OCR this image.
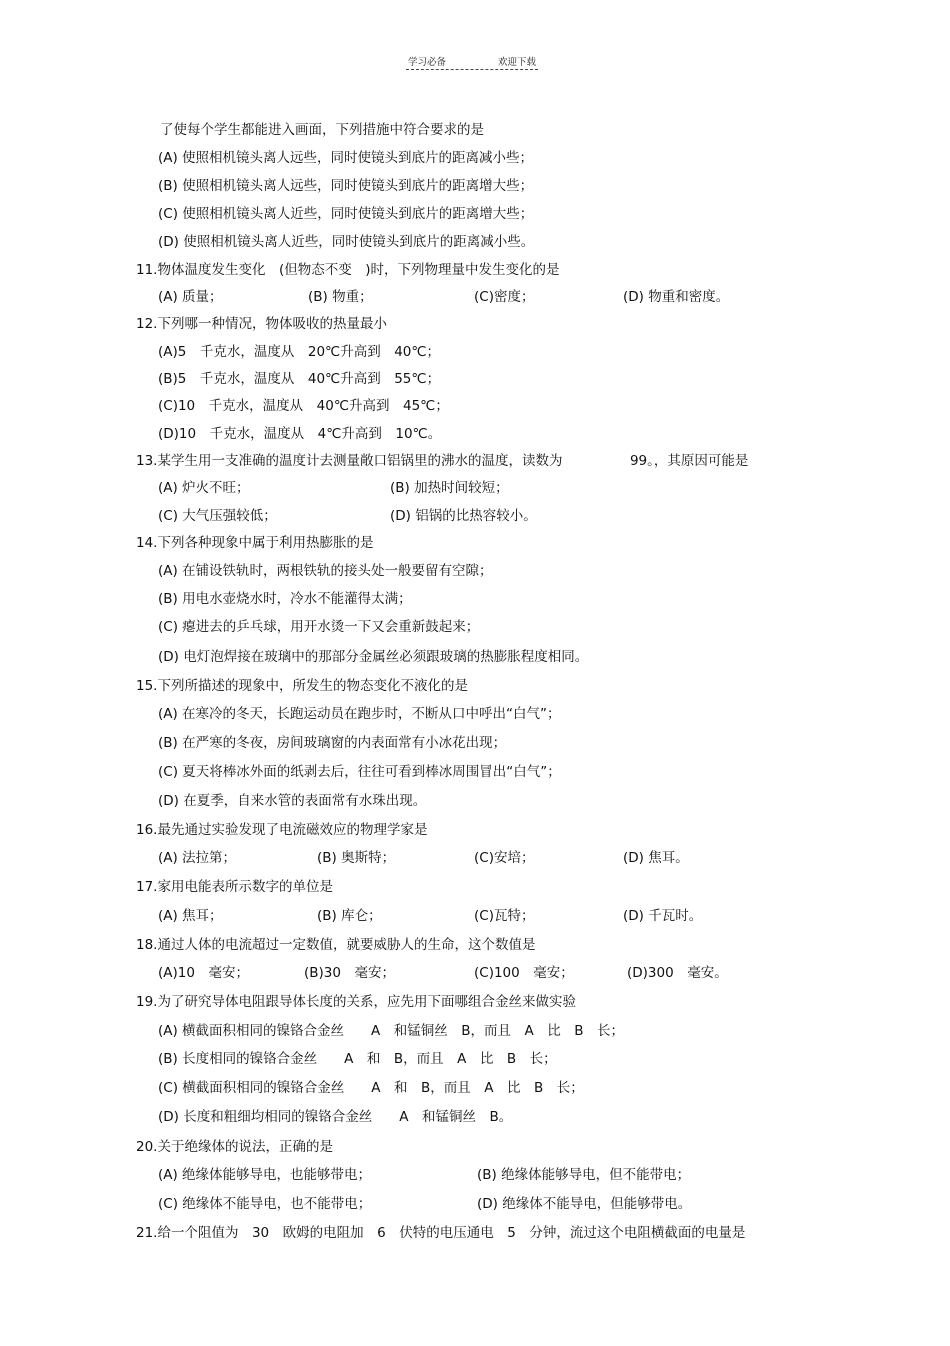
学习必备	欢迎下载
了使每个学生都能进入画面，下列措施中符合要求的是
(A) 使照相机镜头离人远些，同时使镜头到底片的距离减小些；
(B) 使照相机镜头离人远些，同时使镜头到底片的距离增大些；
(C) 使照相机镜头离人近些，同时使镜头到底片的距离增大些；
(D) 使照相机镜头离人近些，同时使镜头到底片的距离减小些。
11.物体温度发生变化　(但物态不变　)时，下列物理量中发生变化的是
(A) 质量；	(B) 物重；	(C)密度；	(D) 物重和密度。
12.下列哪一种情况，物体吸收的热量最小
(A)5　千克水，温度从　20℃升高到　40℃；
(B)5　千克水，温度从　40℃升高到　55℃；
(C)10　千克水，温度从　40℃升高到　45℃；
(D)10　千克水，温度从　4℃升高到　10℃。
13.某学生用一支准确的温度计去测量敞口铝锅里的沸水的温度，读数为　　　　　99。，其原因可能是
(A) 炉火不旺；	(B) 加热时间较短；
(C) 大气压强较低；	(D) 铝锅的比热容较小。
14.下列各种现象中属于利用热膨胀的是
(A) 在铺设铁轨时，两根铁轨的接头处一般要留有空隙；
(B) 用电水壶烧水时，冷水不能灌得太满；
(C) 瘪进去的乒乓球，用开水烫一下又会重新鼓起来；
(D) 电灯泡焊接在玻璃中的那部分金属丝必须跟玻璃的热膨胀程度相同。
15.下列所描述的现象中，所发生的物态变化不液化的是
(A) 在寒冷的冬天，长跑运动员在跑步时，不断从口中呼出“白气”；
(B) 在严寒的冬夜，房间玻璃窗的内表面常有小冰花出现；
(C) 夏天将棒冰外面的纸剥去后，往往可看到棒冰周围冒出“白气”；
(D) 在夏季，自来水管的表面常有水珠出现。
16.最先通过实验发现了电流磁效应的物理学家是
(A) 法拉第；	(B) 奥斯特；	(C)安培；	(D) 焦耳。
17.家用电能表所示数字的单位是
(A) 焦耳；	(B) 库仑；	(C)瓦特；	(D) 千瓦时。
18.通过人体的电流超过一定数值，就要威胁人的生命，这个数值是
(A)10　毫安；	(B)30　毫安；	(C)100　毫安；	(D)300　毫安。
19.为了研究导体电阻跟导体长度的关系，应先用下面哪组合金丝来做实验
(A) 横截面积相同的镍铬合金丝　　A　和锰铜丝　B，而且　A　比　B　长；
(B) 长度相同的镍铬合金丝　　A　和　B，而且　A　比　B　长；
(C) 横截面积相同的镍铬合金丝　　A　和　B，而且　A　比　B　长；
(D) 长度和粗细均相同的镍铬合金丝　　A　和锰铜丝　B。
20.关于绝缘体的说法，正确的是
(A) 绝缘体能够导电，也能够带电；	(B) 绝缘体能够导电，但不能带电；
(C) 绝缘体不能导电，也不能带电；	(D) 绝缘体不能导电，但能够带电。
21.给一个阻值为　30　欧姆的电阻加　6　伏特的电压通电　5　分钟，流过这个电阻横截面的电量是
